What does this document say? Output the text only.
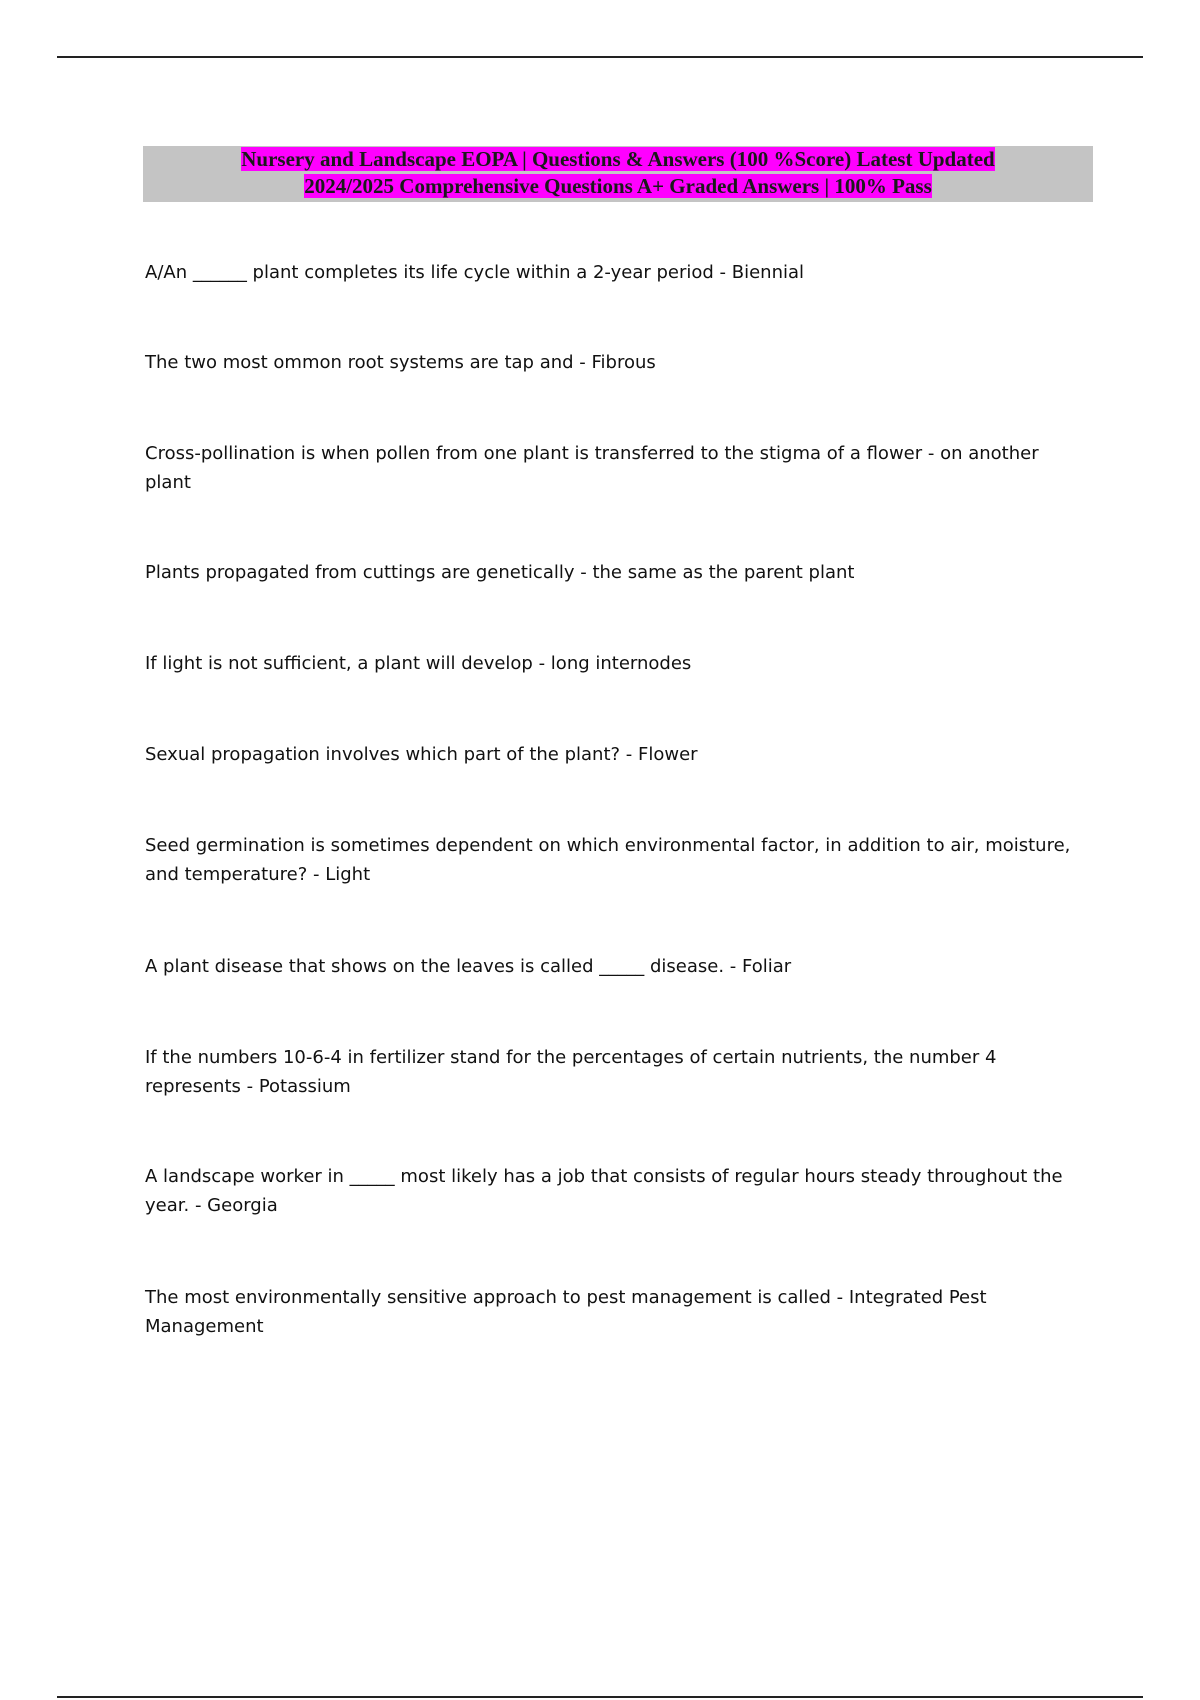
Nursery and Landscape EOPA | Questions & Answers (100 %Score) Latest Updated
2024/2025 Comprehensive Questions A+ Graded Answers | 100% Pass
A/An ______ plant completes its life cycle within a 2-year period - Biennial
The two most ommon root systems are tap and - Fibrous
Cross-pollination is when pollen from one plant is transferred to the stigma of a flower - on another plant
Plants propagated from cuttings are genetically - the same as the parent plant
If light is not sufficient, a plant will develop - long internodes
Sexual propagation involves which part of the plant? - Flower
Seed germination is sometimes dependent on which environmental factor, in addition to air, moisture, and temperature? - Light
A plant disease that shows on the leaves is called _____ disease. - Foliar
If the numbers 10-6-4 in fertilizer stand for the percentages of certain nutrients, the number 4 represents - Potassium
A landscape worker in _____ most likely has a job that consists of regular hours steady throughout the year. - Georgia
The most environmentally sensitive approach to pest management is called - Integrated Pest Management
